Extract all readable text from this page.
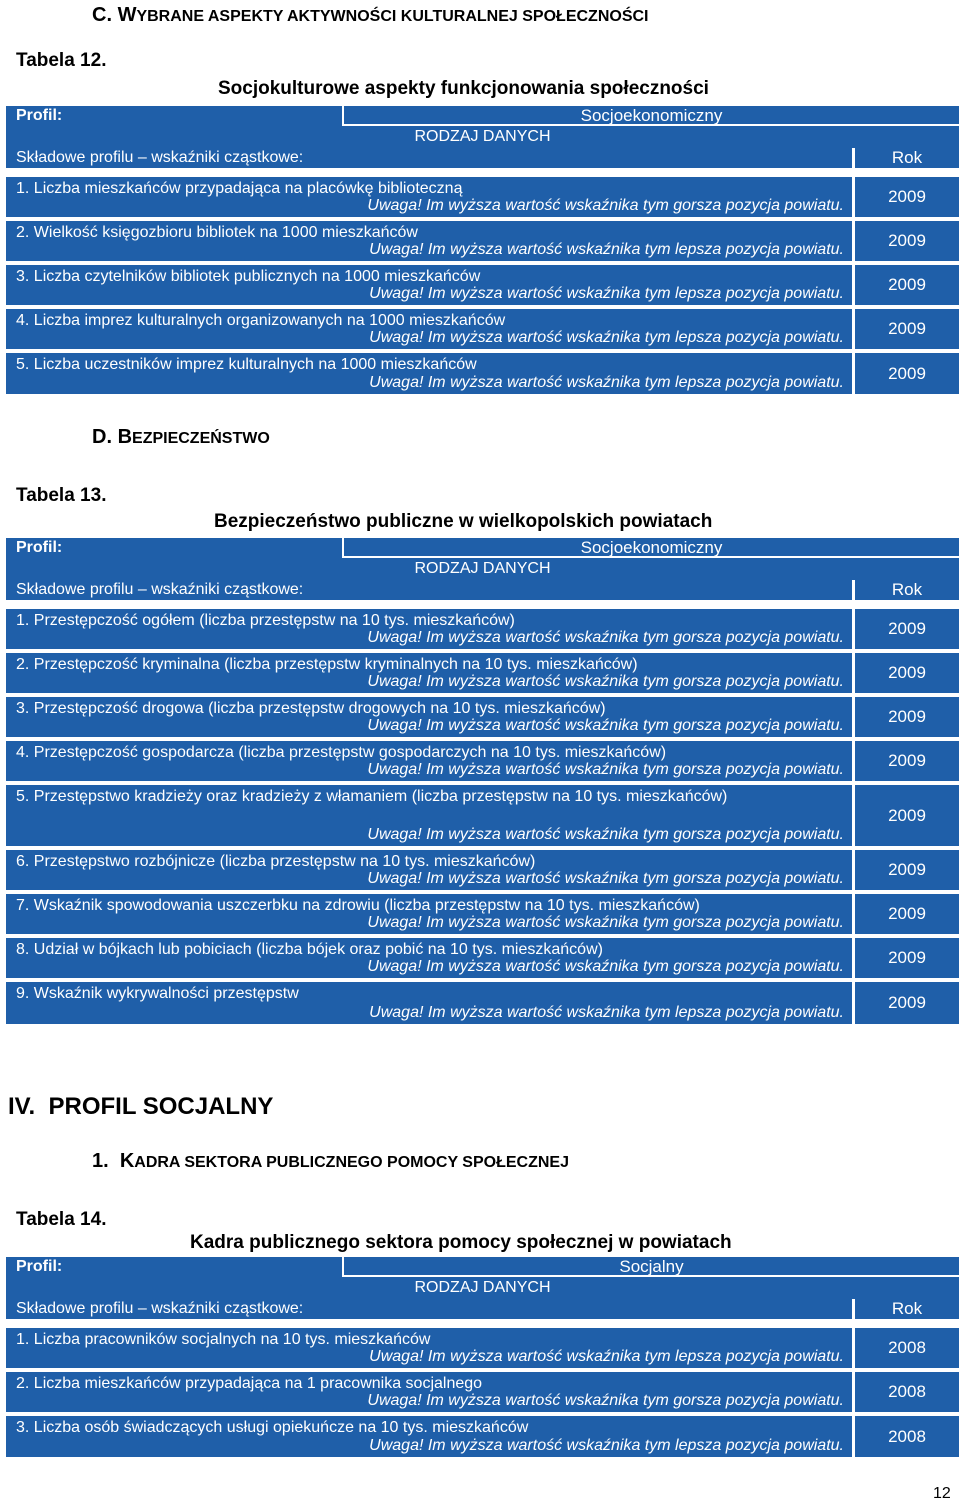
C. WYBRANE ASPEKTY AKTYWNOŚCI KULTURALNEJ SPOŁECZNOŚCI
Tabela 12.
Socjokulturowe aspekty funkcjonowania społeczności
Profil:	Socjoekonomiczny
RODZAJ DANYCH
Składowe profilu – wskaźniki cząstkowe:	Rok
1. Liczba mieszkańców przypadająca na placówkę biblioteczną
Uwaga! Im wyższa wartość wskaźnika tym gorsza pozycja powiatu.	2009
2. Wielkość księgozbioru bibliotek na 1000 mieszkańców
Uwaga! Im wyższa wartość wskaźnika tym lepsza pozycja powiatu.	2009
3. Liczba czytelników bibliotek publicznych na 1000 mieszkańców
Uwaga! Im wyższa wartość wskaźnika tym lepsza pozycja powiatu.	2009
4. Liczba imprez kulturalnych organizowanych na 1000 mieszkańców
Uwaga! Im wyższa wartość wskaźnika tym lepsza pozycja powiatu.	2009
5. Liczba uczestników imprez kulturalnych na 1000 mieszkańców
Uwaga! Im wyższa wartość wskaźnika tym lepsza pozycja powiatu.	2009
D. BEZPIECZEŃSTWO
Tabela 13.
Bezpieczeństwo publiczne w wielkopolskich powiatach
Profil:	Socjoekonomiczny
RODZAJ DANYCH
Składowe profilu – wskaźniki cząstkowe:	Rok
1. Przestępczość ogółem (liczba przestępstw na 10 tys. mieszkańców)
Uwaga! Im wyższa wartość wskaźnika tym gorsza pozycja powiatu.	2009
2. Przestępczość kryminalna (liczba przestępstw kryminalnych na 10 tys. mieszkańców)
Uwaga! Im wyższa wartość wskaźnika tym gorsza pozycja powiatu.	2009
3. Przestępczość drogowa (liczba przestępstw drogowych na 10 tys. mieszkańców)
Uwaga! Im wyższa wartość wskaźnika tym gorsza pozycja powiatu.	2009
4. Przestępczość gospodarcza (liczba przestępstw gospodarczych na 10 tys. mieszkańców)
Uwaga! Im wyższa wartość wskaźnika tym gorsza pozycja powiatu.	2009
5. Przestępstwo kradzieży oraz kradzieży z włamaniem (liczba przestępstw na 10 tys. mieszkańców)
Uwaga! Im wyższa wartość wskaźnika tym gorsza pozycja powiatu.
2009
6. Przestępstwo rozbójnicze (liczba przestępstw na 10 tys. mieszkańców)
Uwaga! Im wyższa wartość wskaźnika tym gorsza pozycja powiatu.	2009
7. Wskaźnik spowodowania uszczerbku na zdrowiu (liczba przestępstw na 10 tys. mieszkańców)
Uwaga! Im wyższa wartość wskaźnika tym gorsza pozycja powiatu.	2009
8. Udział w bójkach lub pobiciach (liczba bójek oraz pobić na 10 tys. mieszkańców)
Uwaga! Im wyższa wartość wskaźnika tym gorsza pozycja powiatu.	2009
9. Wskaźnik wykrywalności przestępstw
Uwaga! Im wyższa wartość wskaźnika tym lepsza pozycja powiatu.
2009
IV. PROFIL SOCJALNY
1. KADRA SEKTORA PUBLICZNEGO POMOCY SPOŁECZNEJ
Tabela 14.
Kadra publicznego sektora pomocy społecznej w powiatach
Profil:	Socjalny
RODZAJ DANYCH
Składowe profilu – wskaźniki cząstkowe:	Rok
1. Liczba pracowników socjalnych na 10 tys. mieszkańców
Uwaga! Im wyższa wartość wskaźnika tym lepsza pozycja powiatu.	2008
2. Liczba mieszkańców przypadająca na 1 pracownika socjalnego
Uwaga! Im wyższa wartość wskaźnika tym gorsza pozycja powiatu.	2008
3. Liczba osób świadczących usługi opiekuńcze na 10 tys. mieszkańców
Uwaga! Im wyższa wartość wskaźnika tym lepsza pozycja powiatu.	2008
12
